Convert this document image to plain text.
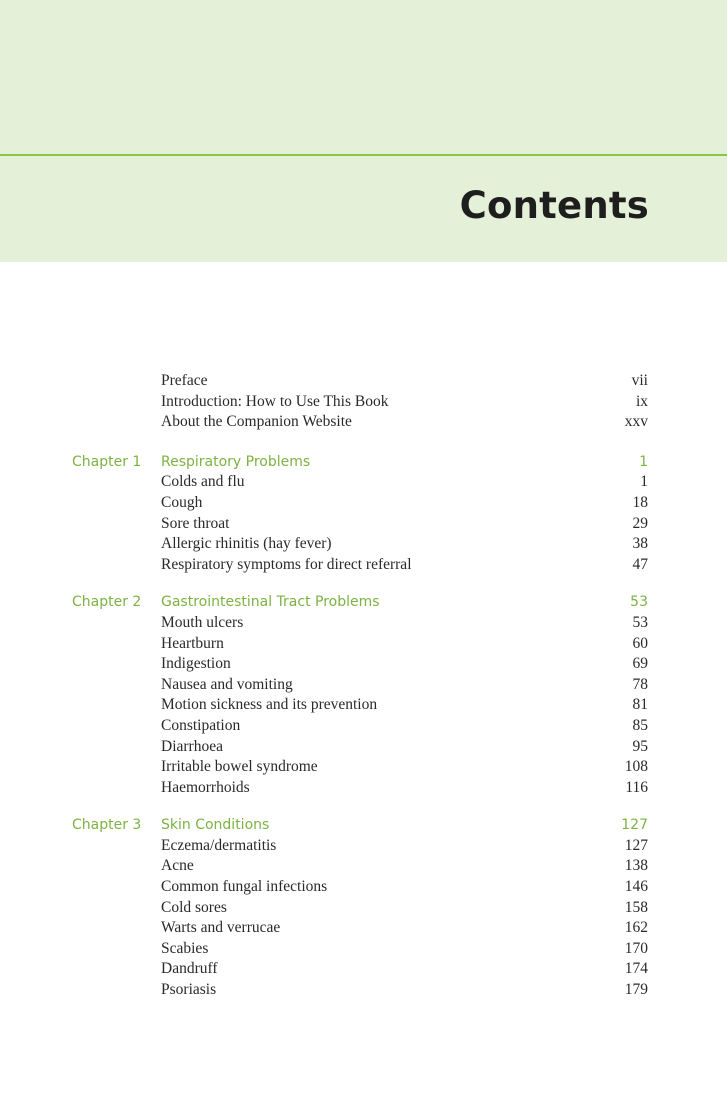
Contents
Preface	vii
Introduction: How to Use This Book	ix
About the Companion Website	xxv
Chapter 1 Respiratory Problems	1
Colds and flu	1
Cough	18
Sore throat	29
Allergic rhinitis (hay fever)	38
Respiratory symptoms for direct referral	47
Chapter 2 Gastrointestinal Tract Problems	53
Mouth ulcers	53
Heartburn	60
Indigestion	69
Nausea and vomiting	78
Motion sickness and its prevention	81
Constipation	85
Diarrhoea	95
Irritable bowel syndrome	108
Haemorrhoids	116
Chapter 3 Skin Conditions	127
Eczema/dermatitis	127
Acne	138
Common fungal infections	146
Cold sores	158
Warts and verrucae	162
Scabies	170
Dandruff	174
Psoriasis	179
